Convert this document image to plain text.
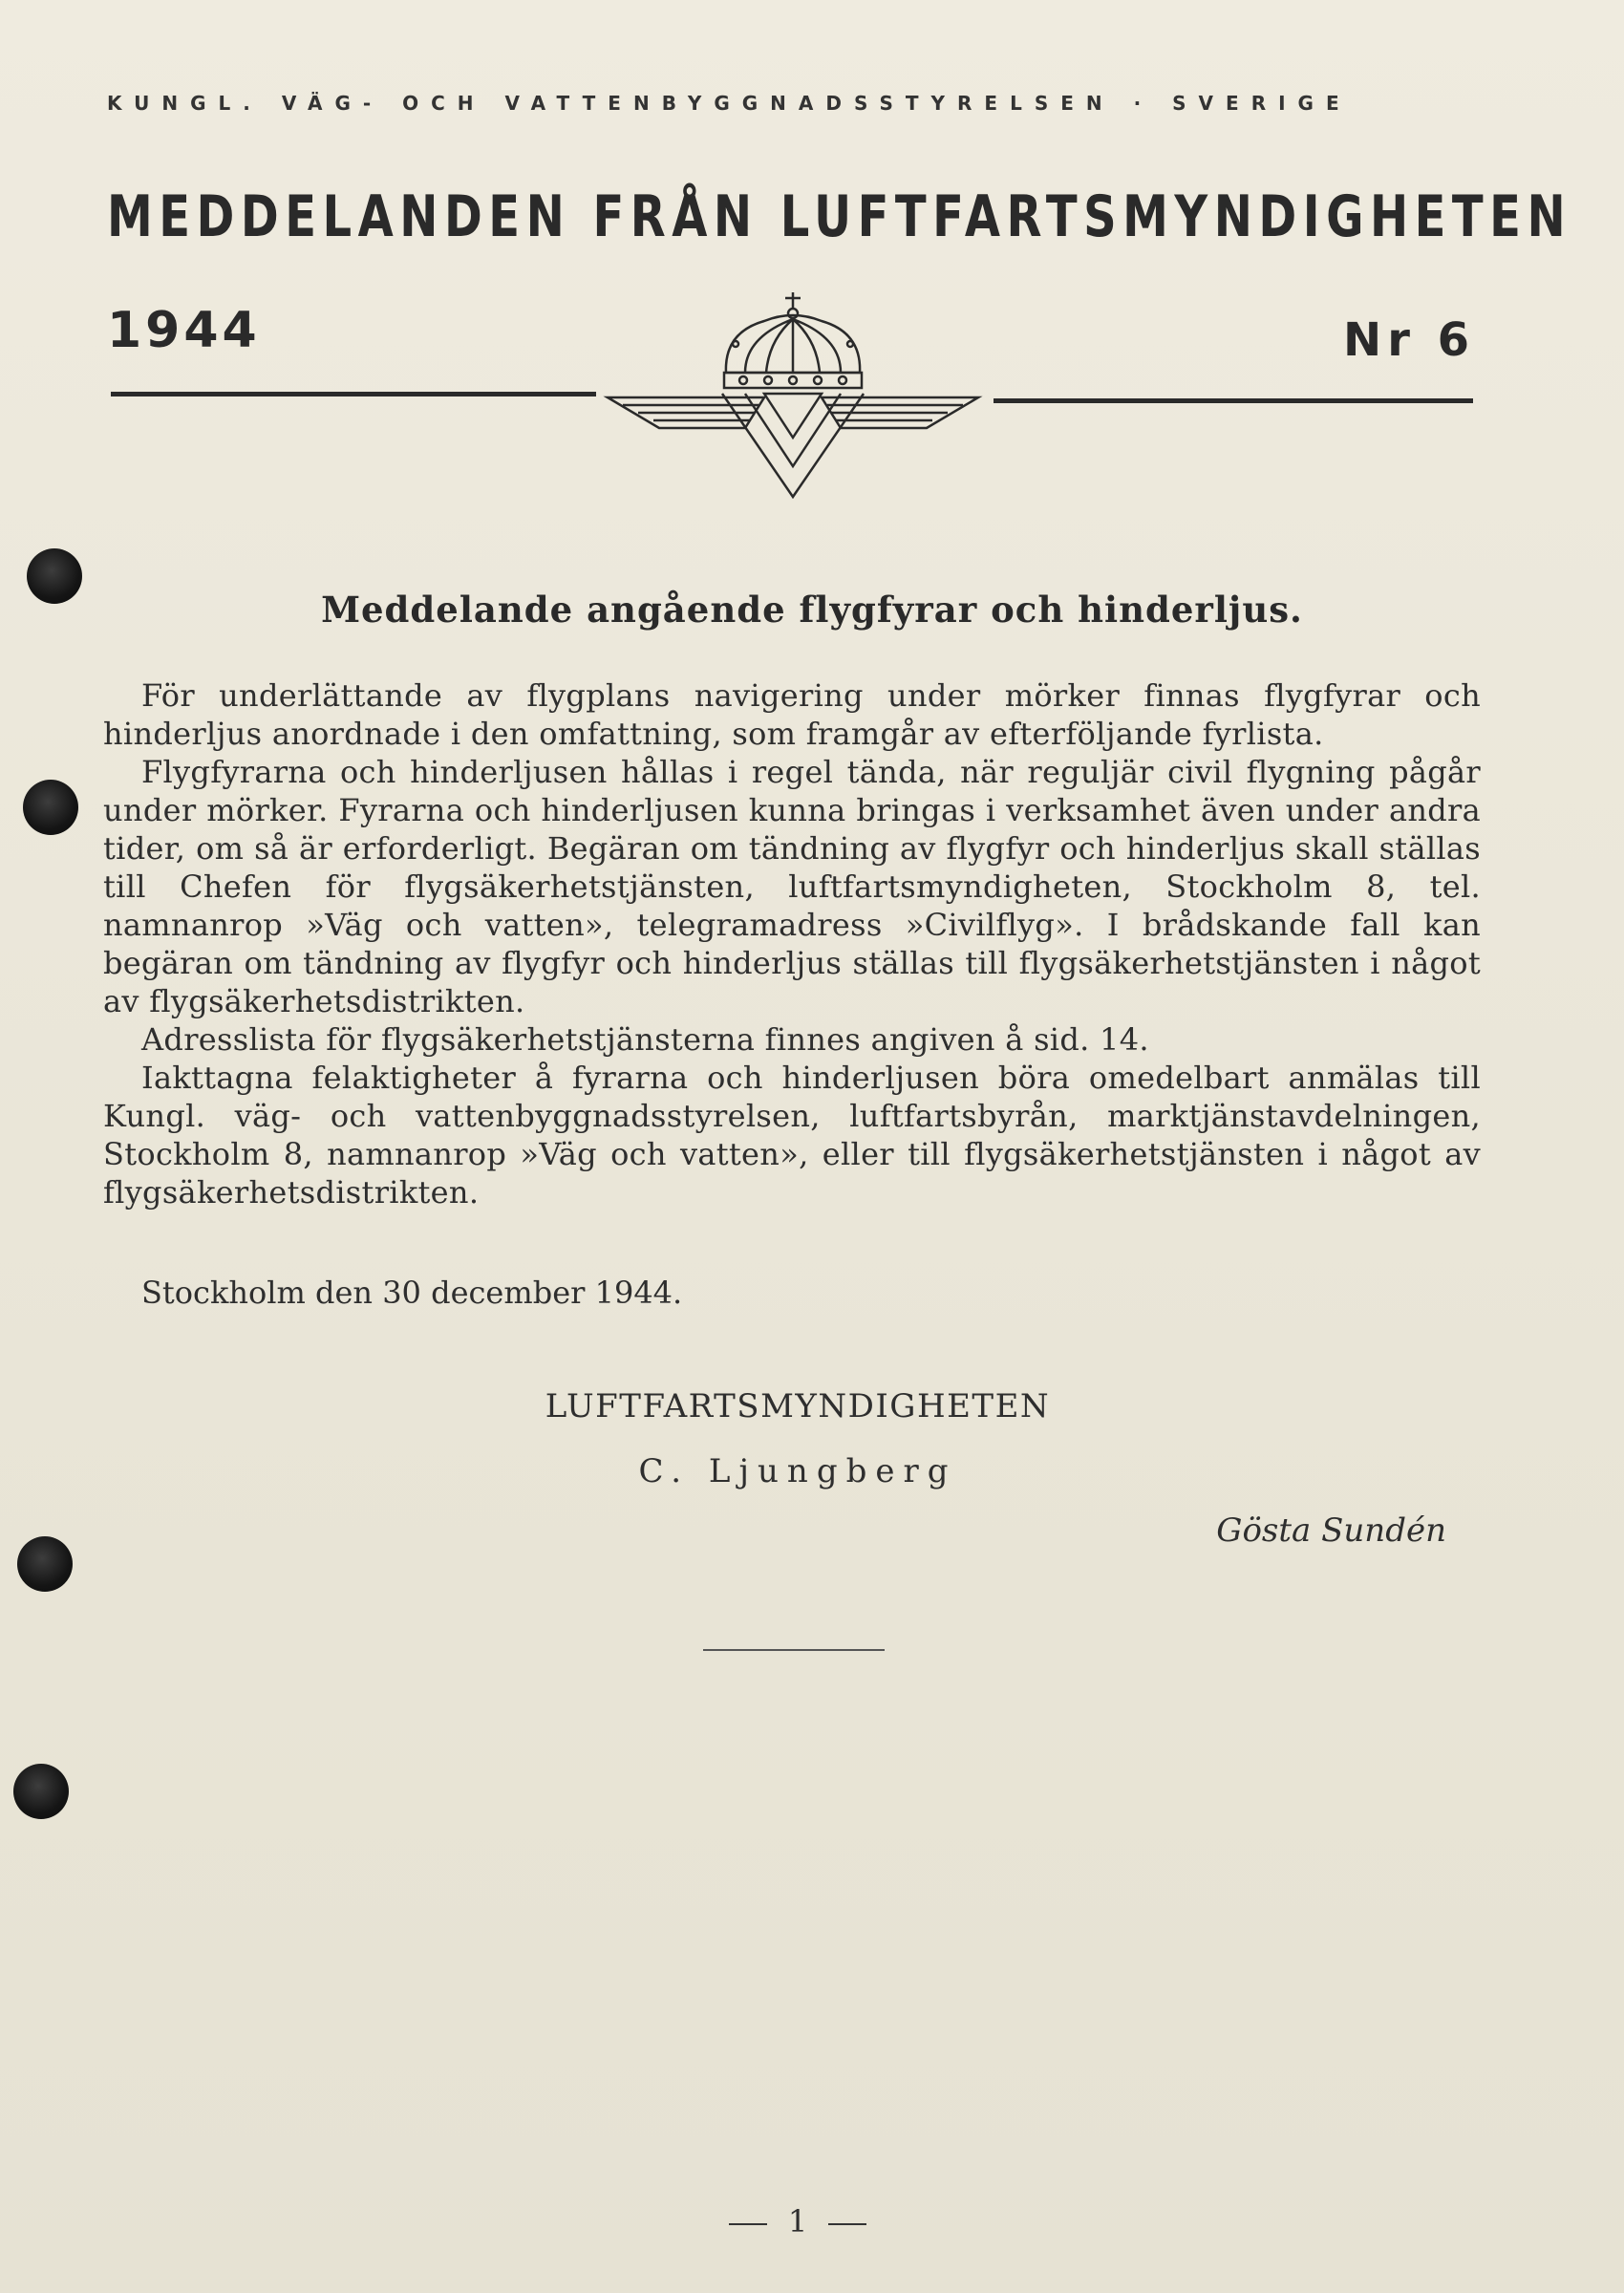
KUNGL. VÄG- OCH VATTENBYGGNADSSTYRELSEN · SVERIGE
MEDDELANDEN FRÅN LUFTFARTSMYNDIGHETEN
1944	Nr 6
Meddelande angående flygfyrar och hinderljus.

För underlättande av flygplans navigering under mörker finnas flygfyrar och hinderljus anordnade i den omfattning, som framgår av efterföljande fyrlista.

Flygfyrarna och hinderljusen hållas i regel tända, när reguljär civil flygning pågår under mörker. Fyrarna och hinderljusen kunna bringas i verksamhet även under andra tider, om så är erforderligt. Begäran om tändning av flygfyr och hinderljus skall ställas till Chefen för flygsäkerhetstjänsten, luftfartsmyndigheten, Stockholm 8, tel. namnanrop »Väg och vatten», telegramadress »Civilflyg». I brådskande fall kan begäran om tändning av flygfyr och hinderljus ställas till flygsäkerhetstjänsten i något av flygsäkerhetsdistrikten.

Adresslista för flygsäkerhetstjänsterna finnes angiven å sid. 14.

Iakttagna felaktigheter å fyrarna och hinderljusen böra omedelbart anmälas till Kungl. väg- och vattenbyggnadsstyrelsen, luftfartsbyrån, marktjänstavdelningen, Stockholm 8, namnanrop »Väg och vatten», eller till flygsäkerhetstjänsten i något av flygsäkerhetsdistrikten.

Stockholm den 30 december 1944.
LUFTFARTSMYNDIGHETEN
C. Ljungberg
Gösta Sundén
1
